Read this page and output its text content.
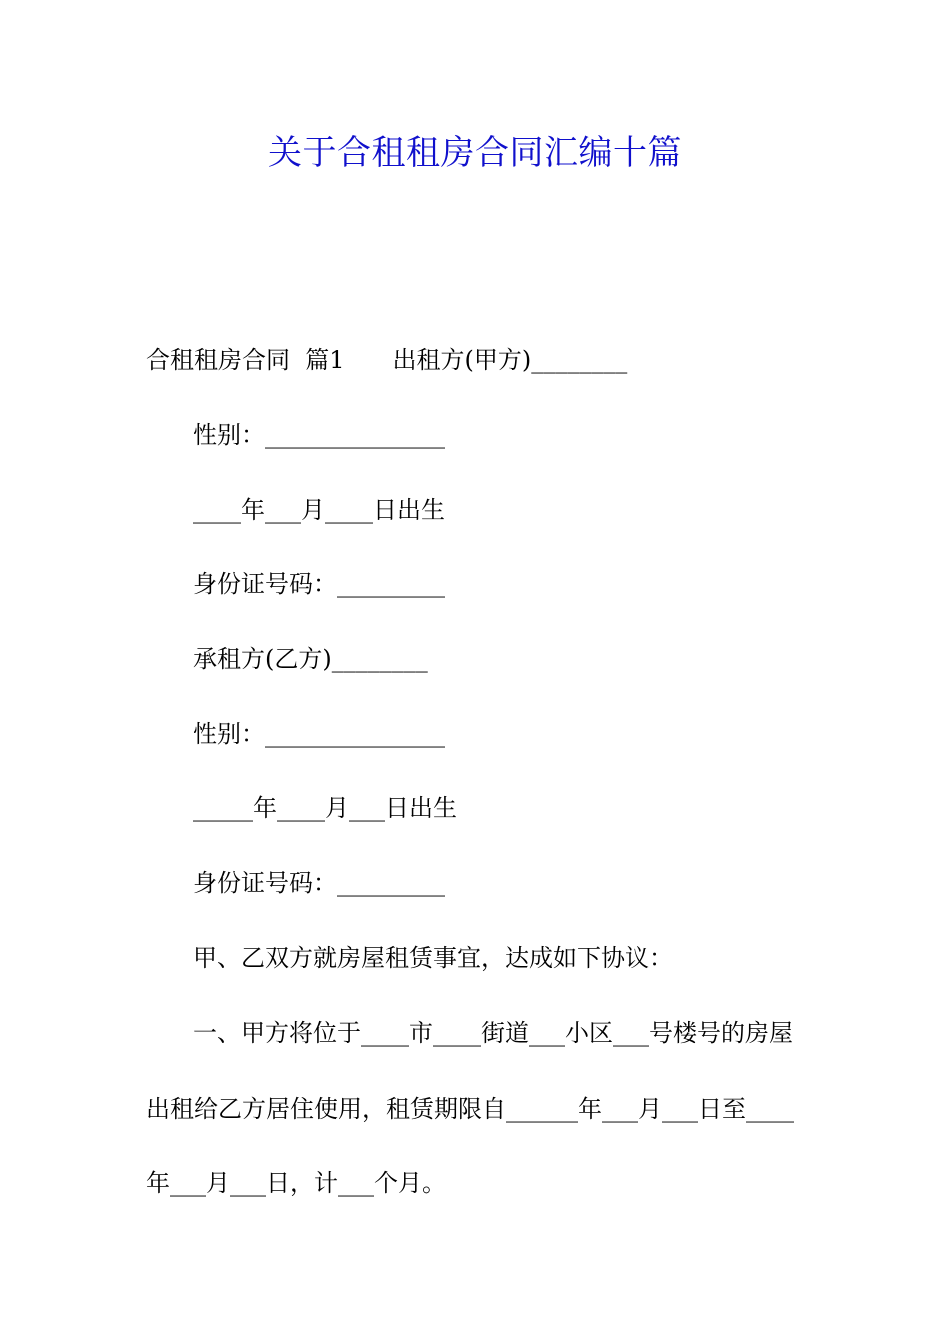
关于合租租房合同汇编十篇
合租租房合同  篇1 出租方(甲方)________
性别：_______________
____年___月____日出生
身份证号码：_________
承租方(乙方)________
性别：_______________
_____年____月___日出生
身份证号码：_________
甲、乙双方就房屋租赁事宜，达成如下协议：
一、甲方将位于____市____街道___小区___号楼号的房屋
出租给乙方居住使用，租赁期限自______年___月___日至____
年___月___日，计___个月。
